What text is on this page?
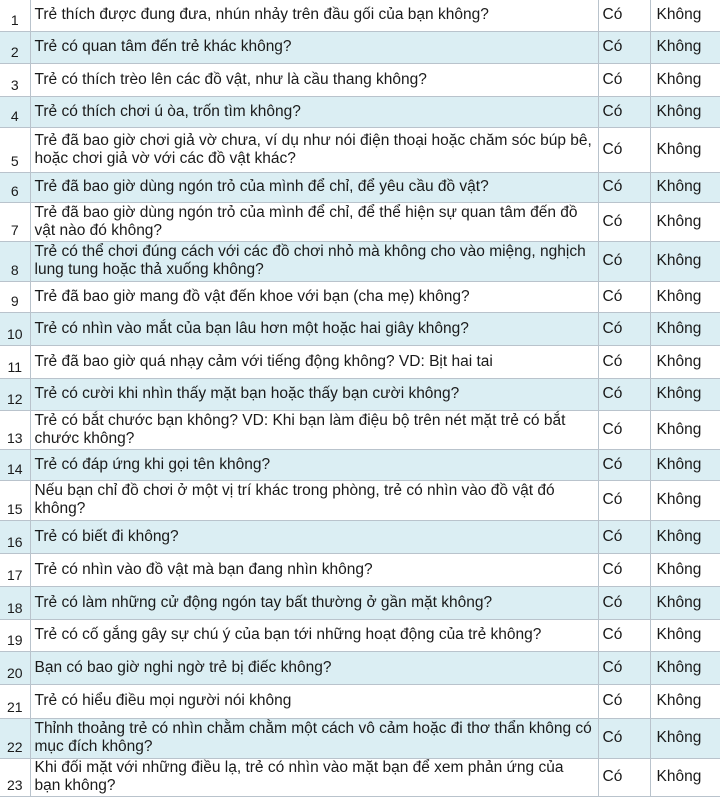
1	Trẻ thích được đung đưa, nhún nhảy trên đầu gối của bạn không?	Có	Không
2	Trẻ có quan tâm đến trẻ khác không?	Có	Không
3	Trẻ có thích trèo lên các đồ vật, như là cầu thang không?	Có	Không
4	Trẻ có thích chơi ú òa, trốn tìm không?	Có	Không
5	Trẻ đã bao giờ chơi giả vờ chưa, ví dụ như nói điện thoại hoặc chăm sóc búp bê, hoặc chơi giả vờ với các đồ vật khác?	Có	Không
6	Trẻ đã bao giờ dùng ngón trỏ của mình để chỉ, để yêu cầu đồ vật?	Có	Không
7	Trẻ đã bao giờ dùng ngón trỏ của mình để chỉ, để thể hiện sự quan tâm đến đồ vật nào đó không?	Có	Không
8	Trẻ có thể chơi đúng cách với các đồ chơi nhỏ mà không cho vào miệng, nghịch lung tung hoặc thả xuống không?	Có	Không
9	Trẻ đã bao giờ mang đồ vật đến khoe với bạn (cha mẹ) không?	Có	Không
10	Trẻ có nhìn vào mắt của bạn lâu hơn một hoặc hai giây không?	Có	Không
11	Trẻ đã bao giờ quá nhạy cảm với tiếng động không? VD: Bịt hai tai	Có	Không
12	Trẻ có cười khi nhìn thấy mặt bạn hoặc thấy bạn cười không?	Có	Không
13	Trẻ có bắt chước bạn không? VD: Khi bạn làm điệu bộ trên nét mặt trẻ có bắt chước không?	Có	Không
14	Trẻ có đáp ứng khi gọi tên không?	Có	Không
15	Nếu bạn chỉ đồ chơi ở một vị trí khác trong phòng, trẻ có nhìn vào đồ vật đó không?	Có	Không
16	Trẻ có biết đi không?	Có	Không
17	Trẻ có nhìn vào đồ vật mà bạn đang nhìn không?	Có	Không
18	Trẻ có làm những cử động ngón tay bất thường ở gần mặt không?	Có	Không
19	Trẻ có cố gắng gây sự chú ý của bạn tới những hoạt động của trẻ không?	Có	Không
20	Bạn có bao giờ nghi ngờ trẻ bị điếc không?	Có	Không
21	Trẻ có hiểu điều mọi người nói không	Có	Không
22	Thỉnh thoảng trẻ có nhìn chằm chằm một cách vô cảm hoặc đi thơ thẩn không có mục đích không?	Có	Không
23	Khi đối mặt với những điều lạ, trẻ có nhìn vào mặt bạn để xem phản ứng của bạn không?	Có	Không
